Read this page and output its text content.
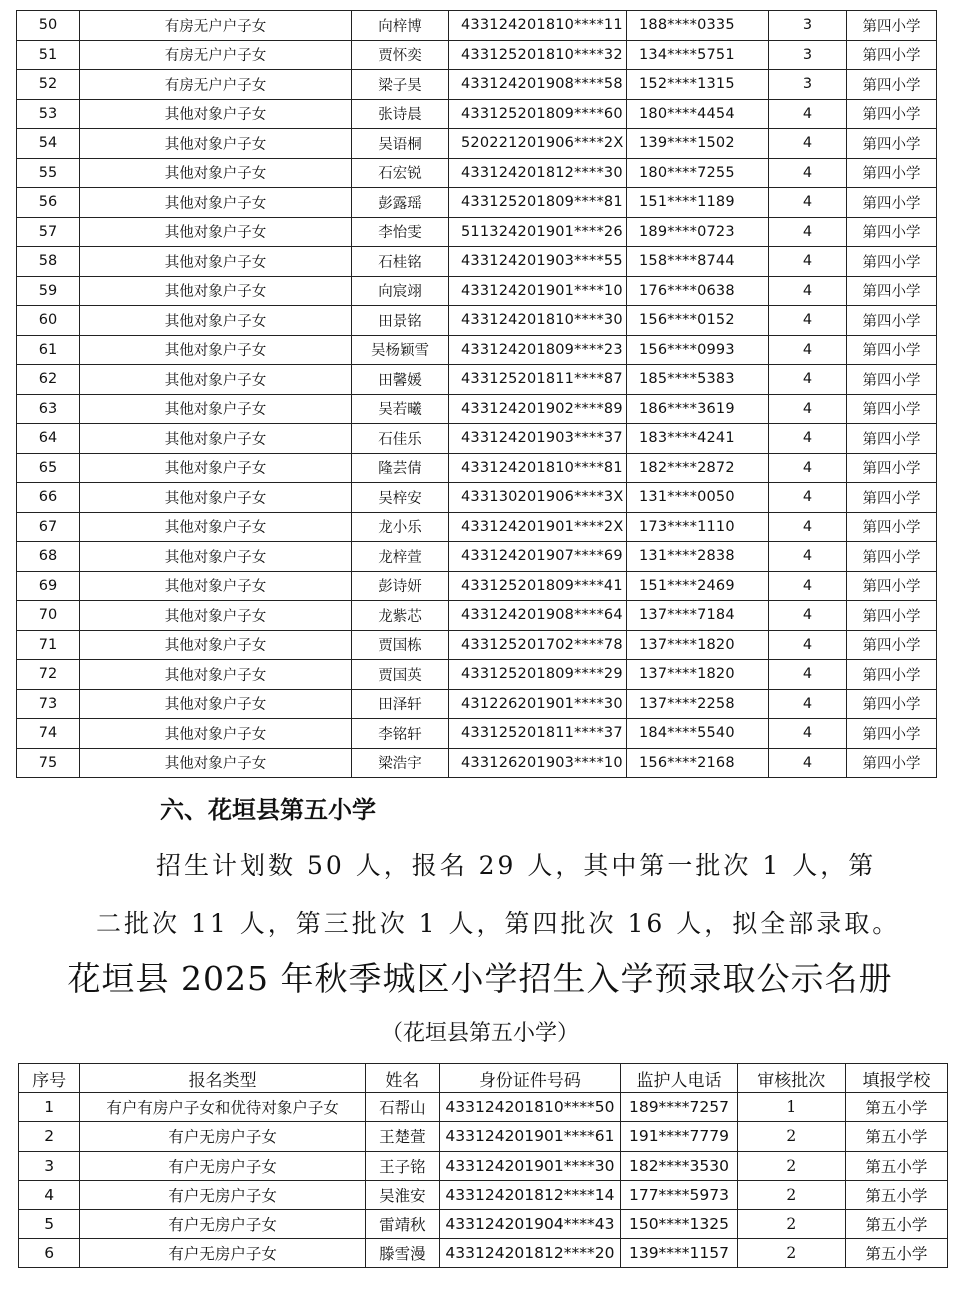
50	有房无户户子女	向梓博	433124201810****11	188****0335	3	第四小学
51	有房无户户子女	贾怀奕	433125201810****32	134****5751	3	第四小学
52	有房无户户子女	梁子昊	433124201908****58	152****1315	3	第四小学
53	其他对象户子女	张诗晨	433125201809****60	180****4454	4	第四小学
54	其他对象户子女	吴语桐	520221201906****2X	139****1502	4	第四小学
55	其他对象户子女	石宏锐	433124201812****30	180****7255	4	第四小学
56	其他对象户子女	彭露瑶	433125201809****81	151****1189	4	第四小学
57	其他对象户子女	李怡雯	511324201901****26	189****0723	4	第四小学
58	其他对象户子女	石桂铭	433124201903****55	158****8744	4	第四小学
59	其他对象户子女	向宸翊	433124201901****10	176****0638	4	第四小学
60	其他对象户子女	田景铭	433124201810****30	156****0152	4	第四小学
61	其他对象户子女	吴杨颖雪	433124201809****23	156****0993	4	第四小学
62	其他对象户子女	田馨媛	433125201811****87	185****5383	4	第四小学
63	其他对象户子女	吴若曦	433124201902****89	186****3619	4	第四小学
64	其他对象户子女	石佳乐	433124201903****37	183****4241	4	第四小学
65	其他对象户子女	隆芸倩	433124201810****81	182****2872	4	第四小学
66	其他对象户子女	吴梓安	433130201906****3X	131****0050	4	第四小学
67	其他对象户子女	龙小乐	433124201901****2X	173****1110	4	第四小学
68	其他对象户子女	龙梓萱	433124201907****69	131****2838	4	第四小学
69	其他对象户子女	彭诗妍	433125201809****41	151****2469	4	第四小学
70	其他对象户子女	龙紫芯	433124201908****64	137****7184	4	第四小学
71	其他对象户子女	贾国栋	433125201702****78	137****1820	4	第四小学
72	其他对象户子女	贾国英	433125201809****29	137****1820	4	第四小学
73	其他对象户子女	田泽轩	431226201901****30	137****2258	4	第四小学
74	其他对象户子女	李铭轩	433125201811****37	184****5540	4	第四小学
75	其他对象户子女	梁浩宇	433126201903****10	156****2168	4	第四小学
六、花垣县第五小学
招生计划数 50 人，报名 29 人，其中第一批次 1 人，第
二批次 11 人，第三批次 1 人，第四批次 16 人，拟全部录取。
花垣县 2025 年秋季城区小学招生入学预录取公示名册
（花垣县第五小学）
序号	报名类型	姓名	身份证件号码	监护人电话	审核批次	填报学校
1	有户有房户子女和优待对象户子女	石帮山	433124201810****50	189****7257	1	第五小学
2	有户无房户子女	王楚萱	433124201901****61	191****7779	2	第五小学
3	有户无房户子女	王子铭	433124201901****30	182****3530	2	第五小学
4	有户无房户子女	吴淮安	433124201812****14	177****5973	2	第五小学
5	有户无房户子女	雷靖秋	433124201904****43	150****1325	2	第五小学
6	有户无房户子女	滕雪漫	433124201812****20	139****1157	2	第五小学
